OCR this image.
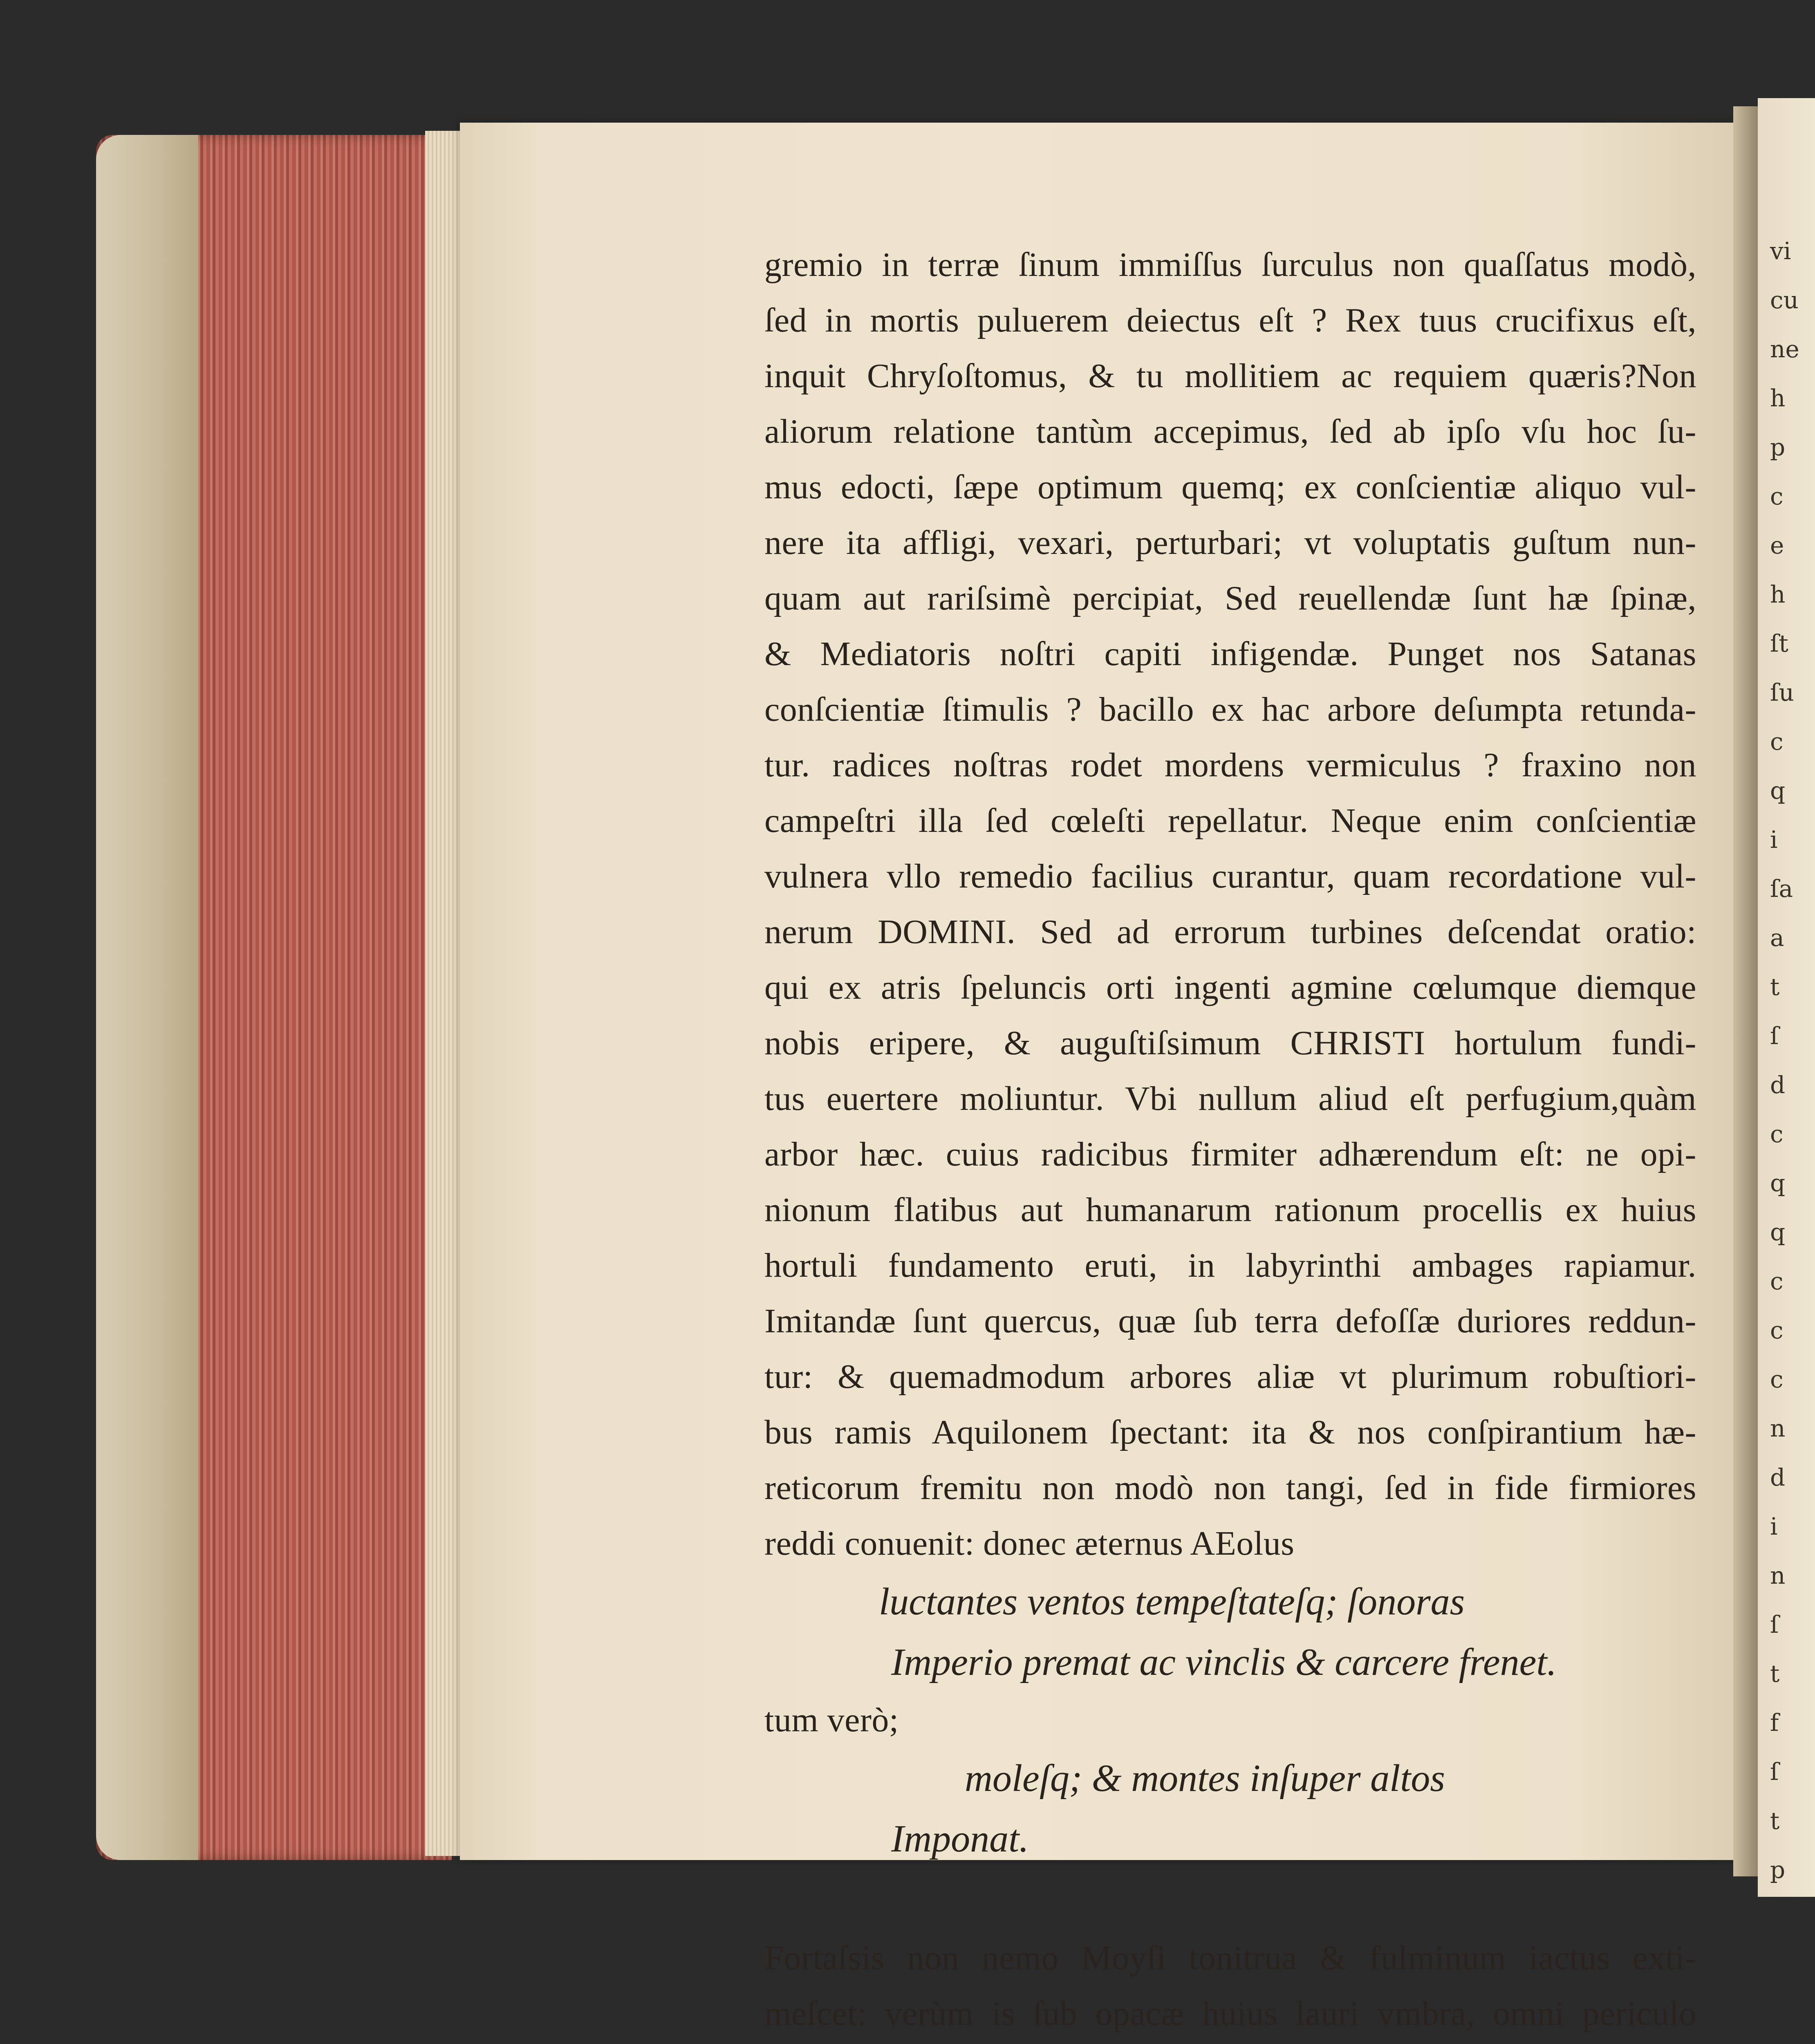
vi
cu
ne
h
p
c
e
h
ſt
ſu
c
q
i
ſa
a
t
ſ
d
c
q
q
c
c
c
n
d
i
n
ſ
t
f
ſ
t
p
gremio in terræ ſinum immiſſus ſurculus non quaſſatus modò,
ſed in mortis puluerem deiectus eſt ? Rex tuus crucifixus eſt,
inquit Chryſoſtomus, & tu mollitiem ac requiem quæris?Non
aliorum relatione tantùm accepimus, ſed ab ipſo vſu hoc ſu-
mus edocti, ſæpe optimum quemq; ex conſcientiæ aliquo vul-
nere ita affligi, vexari, perturbari; vt voluptatis guſtum nun-
quam aut rariſsimè percipiat, Sed reuellendæ ſunt hæ ſpinæ,
& Mediatoris noſtri capiti infigendæ. Punget nos Satanas
conſcientiæ ſtimulis ? bacillo ex hac arbore deſumpta retunda-
tur. radices noſtras rodet mordens vermiculus ? fraxino non
campeſtri illa ſed cœleſti repellatur. Neque enim conſcientiæ
vulnera vllo remedio facilius curantur, quam recordatione vul-
nerum DOMINI. Sed ad errorum turbines deſcendat oratio:
qui ex atris ſpeluncis orti ingenti agmine cœlumque diemque
nobis eripere, & auguſtiſsimum CHRISTI hortulum fundi-
tus euertere moliuntur. Vbi nullum aliud eſt perfugium,quàm
arbor hæc. cuius radicibus firmiter adhærendum eſt: ne opi-
nionum flatibus aut humanarum rationum procellis ex huius
hortuli fundamento eruti, in labyrinthi ambages rapiamur.
Imitandæ ſunt quercus, quæ ſub terra defoſſæ duriores reddun-
tur: & quemadmodum arbores aliæ vt plurimum robuſtiori-
bus ramis Aquilonem ſpectant: ita & nos conſpirantium hæ-
reticorum fremitu non modò non tangi, ſed in fide firmiores
reddi conuenit: donec æternus AEolus
luctantes ventos tempeſtateſq; ſonoras
Imperio premat ac vinclis & carcere frenet.
tum verò;
moleſq; & montes inſuper altos
Imponat.
Fortaſsis non nemo Moyſi tonitrua & fulminum iactus exti-
meſcet: verùm is ſub opacæ huius lauri vmbra, omni periculo
